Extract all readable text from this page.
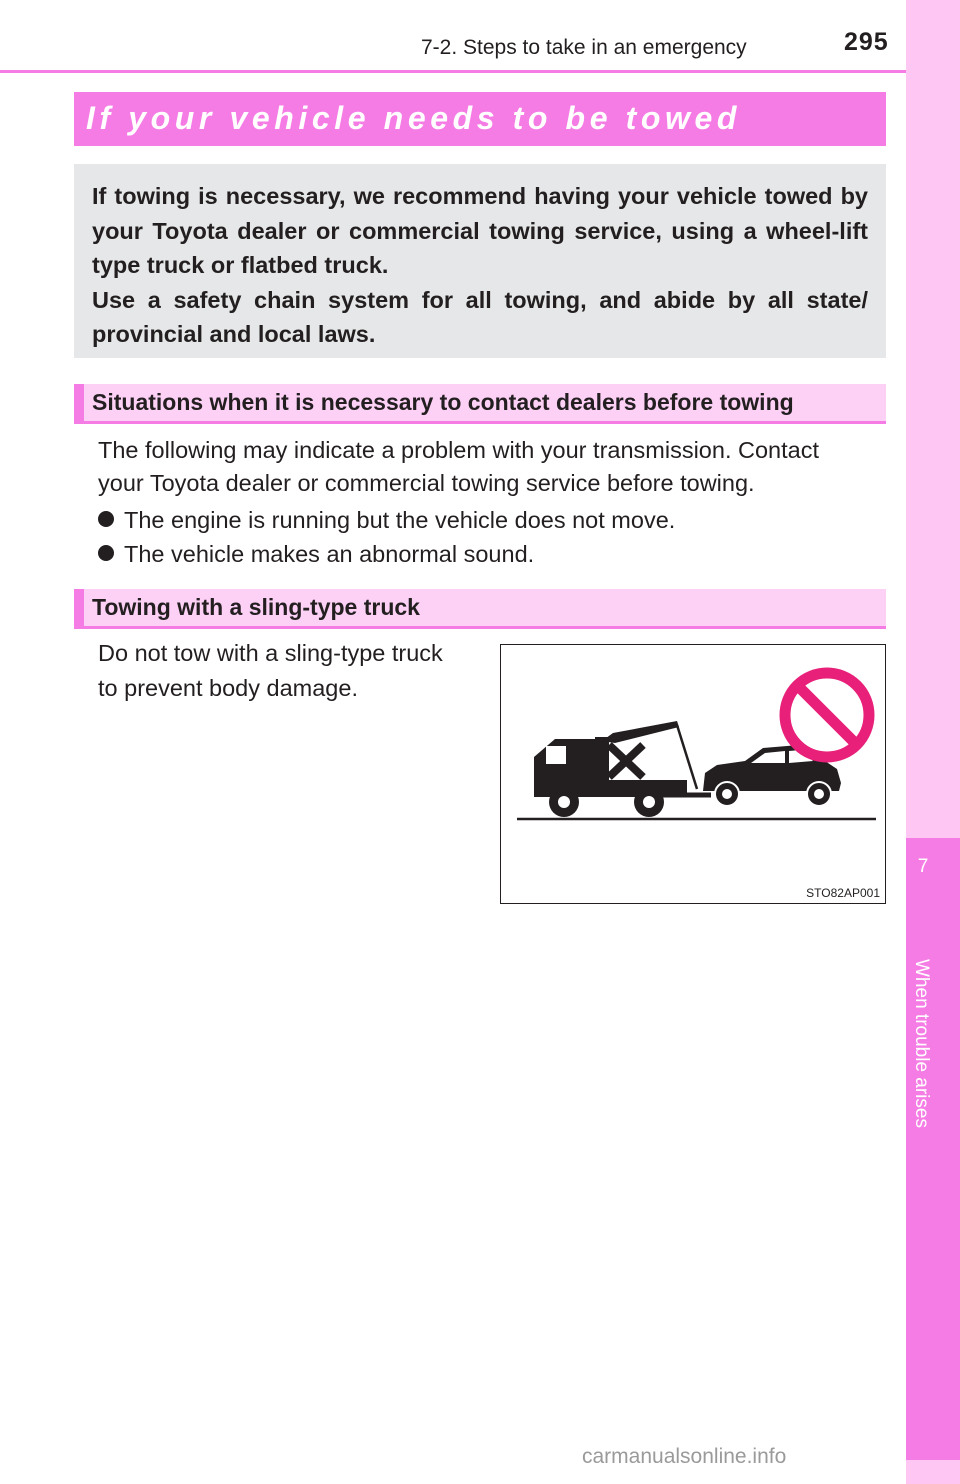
7
When trouble arises
7-2. Steps to take in an emergency	295
If your vehicle needs to be towed

If towing is necessary, we recommend having your vehicle towed by your Toyota dealer or commercial towing service, using a wheel-lift type truck or flatbed truck.

Use a safety chain system for all towing, and abide by all state/ provincial and local laws.

Situations when it is necessary to contact dealers before towing
The following may indicate a problem with your transmission. Contact
your Toyota dealer or commercial towing service before towing.
The engine is running but the vehicle does not move.
The vehicle makes an abnormal sound.
Towing with a sling-type truck
Do not tow with a sling-type truck
to prevent body damage.
STO82AP001
carmanualsonline.info
